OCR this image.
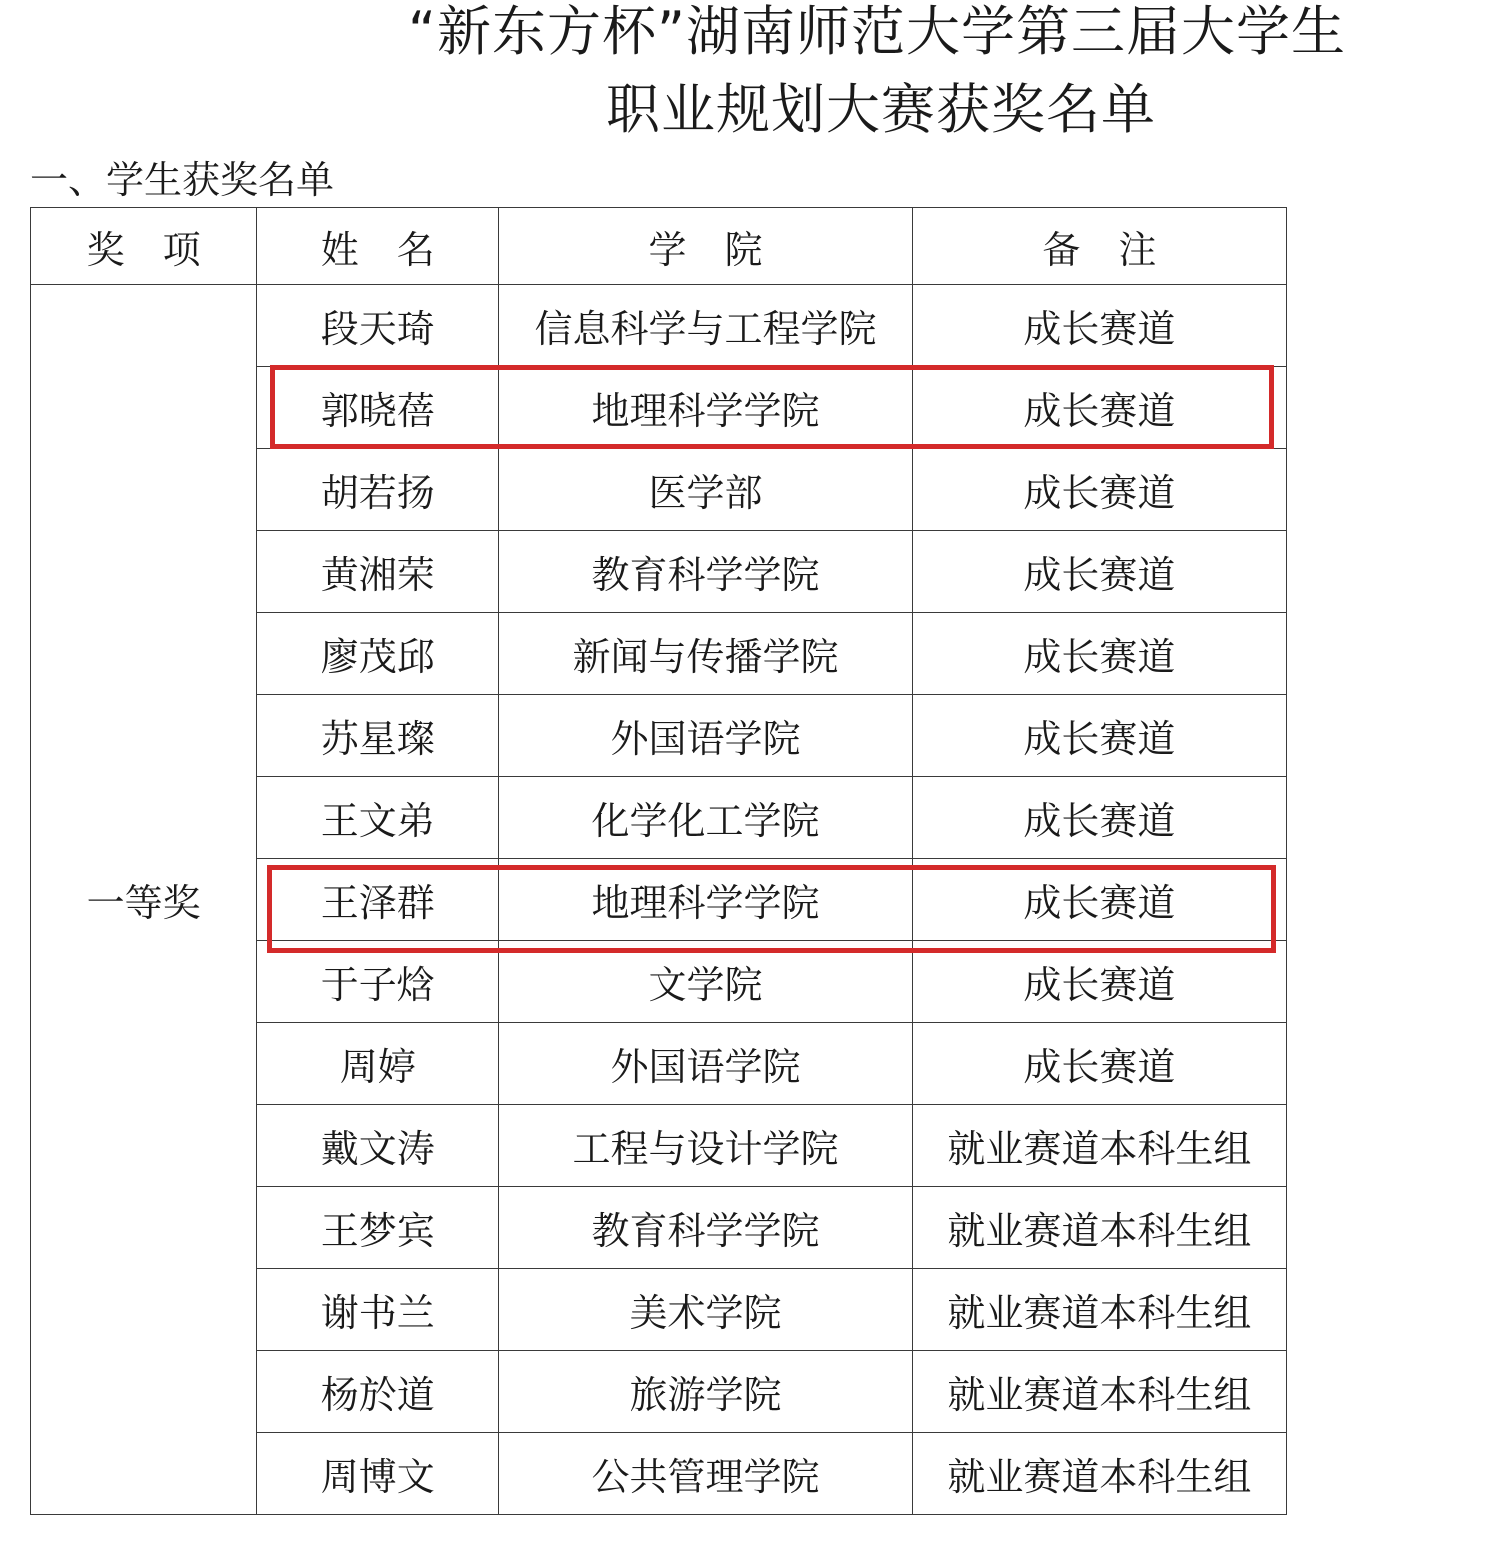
“新东方杯”湖南师范大学第三届大学生
职业规划大赛获奖名单
一、学生获奖名单
奖　项	姓　名	学　院	备　注
一等奖	段天琦	信息科学与工程学院	成长赛道
	郭晓蓓	地理科学学院	成长赛道
	胡若扬	医学部	成长赛道
	黄湘荣	教育科学学院	成长赛道
	廖茂邱	新闻与传播学院	成长赛道
	苏星璨	外国语学院	成长赛道
	王文弟	化学化工学院	成长赛道
	王泽群	地理科学学院	成长赛道
	于子焓	文学院	成长赛道
	周婷	外国语学院	成长赛道
	戴文涛	工程与设计学院	就业赛道本科生组
	王梦宾	教育科学学院	就业赛道本科生组
	谢书兰	美术学院	就业赛道本科生组
	杨於道	旅游学院	就业赛道本科生组
	周博文	公共管理学院	就业赛道本科生组
